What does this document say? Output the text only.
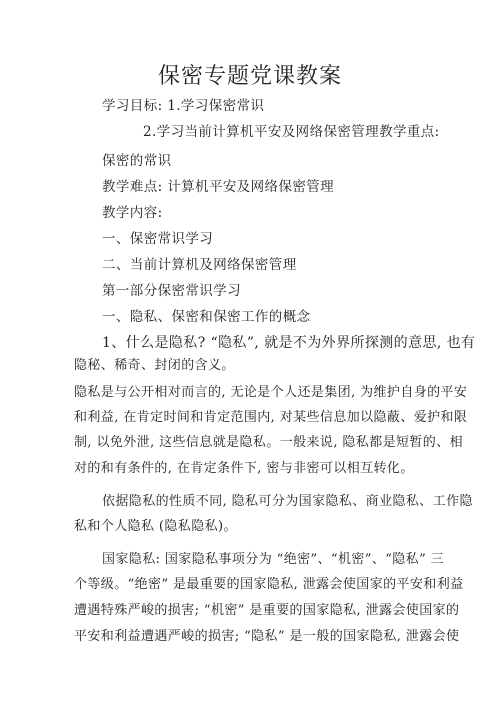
保密专题党课教案
学习目标: 1.学习保密常识
2.学习当前计算机平安及网络保密管理教学重点:
保密的常识
教学难点: 计算机平安及网络保密管理
教学内容:
一、保密常识学习
二、当前计算机及网络保密管理
第一部分保密常识学习
一、隐私、保密和保密工作的概念
1、什么是隐私? “隐私”, 就是不为外界所探测的意思, 也有
隐秘、稀奇、封闭的含义。
隐私是与公开相对而言的, 无论是个人还是集团, 为维护自身的平安
和利益, 在肯定时间和肯定范围内, 对某些信息加以隐蔽、爱护和限
制, 以免外泄, 这些信息就是隐私。一般来说, 隐私都是短暂的、相
对的和有条件的, 在肯定条件下, 密与非密可以相互转化。
依据隐私的性质不同, 隐私可分为国家隐私、商业隐私、工作隐
私和个人隐私 (隐私隐私)。
国家隐私: 国家隐私事项分为 “绝密”、“机密”、“隐私” 三
个等级。“绝密” 是最重要的国家隐私, 泄露会使国家的平安和利益
遭遇特殊严峻的损害; “机密” 是重要的国家隐私, 泄露会使国家的
平安和利益遭遇严峻的损害; “隐私” 是一般的国家隐私, 泄露会使
